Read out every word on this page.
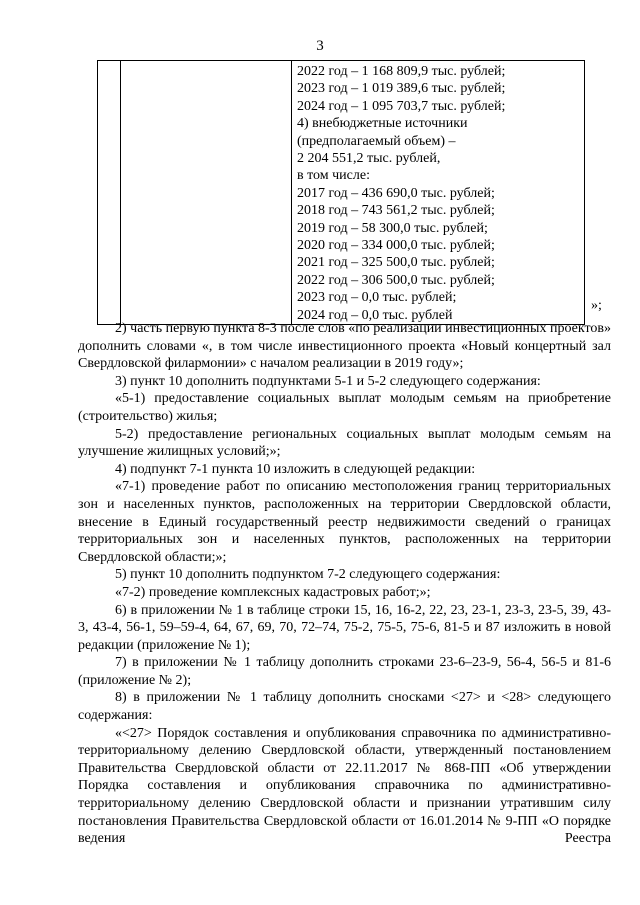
3

2022 год – 1 168 809,9 тыс. рублей;
2023 год – 1 019 389,6 тыс. рублей;
2024 год – 1 095 703,7 тыс. рублей;
4) внебюджетные источники
(предполагаемый объем) –
2 204 551,2 тыс. рублей,
в том числе:
2017 год – 436 690,0 тыс. рублей;
2018 год – 743 561,2 тыс. рублей;
2019 год – 58 300,0 тыс. рублей;
2020 год – 334 000,0 тыс. рублей;
2021 год – 325 500,0 тыс. рублей;
2022 год – 306 500,0 тыс. рублей;
2023 год – 0,0 тыс. рублей;
2024 год – 0,0 тыс. рублей
»;

2) часть первую пункта 8-3 после слов «по реализации инвестиционных проектов» дополнить словами «, в том числе инвестиционного проекта «Новый концертный зал Свердловской филармонии» с началом реализации в 2019 году»;

3) пункт 10 дополнить подпунктами 5-1 и 5-2 следующего содержания:

«5-1) предоставление социальных выплат молодым семьям на приобретение (строительство) жилья;

5-2) предоставление региональных социальных выплат молодым семьям на улучшение жилищных условий;»;

4) подпункт 7-1 пункта 10 изложить в следующей редакции:

«7-1) проведение работ по описанию местоположения границ территориальных зон и населенных пунктов, расположенных на территории Свердловской области, внесение в Единый государственный реестр недвижимости сведений о границах территориальных зон и населенных пунктов, расположенных на территории Свердловской области;»;

5) пункт 10 дополнить подпунктом 7-2 следующего содержания:

«7-2) проведение комплексных кадастровых работ;»;

6) в приложении № 1 в таблице строки 15, 16, 16-2, 22, 23, 23-1, 23-3, 23-5, 39, 43-3, 43-4, 56-1, 59–59-4, 64, 67, 69, 70, 72–74, 75-2, 75-5, 75-6, 81-5 и 87 изложить в новой редакции (приложение № 1);

7) в приложении № 1 таблицу дополнить строками 23-6–23-9, 56-4, 56-5 и 81-6 (приложение № 2);

8) в приложении № 1 таблицу дополнить сносками <27> и <28> следующего содержания:

«<27> Порядок составления и опубликования справочника по административно-территориальному делению Свердловской области, утвержденный постановлением Правительства Свердловской области от 22.11.2017 № 868-ПП «Об утверждении Порядка составления и опубликования справочника по административно-территориальному делению Свердловской области и признании утратившим силу постановления Правительства Свердловской области от 16.01.2014 № 9-ПП «О порядке ведения Реестра
